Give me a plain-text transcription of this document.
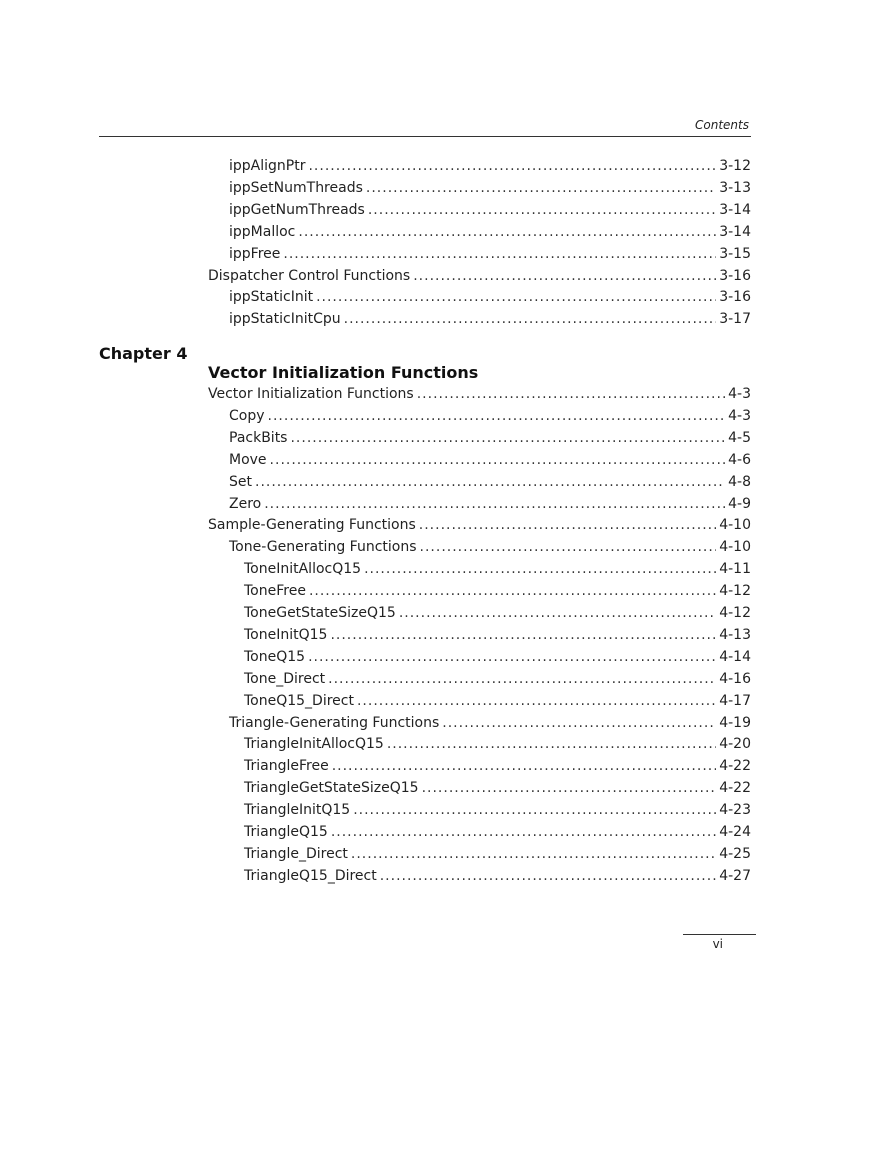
Contents
ippAlignPtr .....	3-12
ippSetNumThreads .....	3-13
ippGetNumThreads .....	3-14
ippMalloc .....	3-14
ippFree .....	3-15
Dispatcher Control Functions .....	3-16
ippStaticInit .....	3-16
ippStaticInitCpu .....	3-17
Vector Initialization Functions .....	4-3
Copy .....	4-3
PackBits .....	4-5
Move .....	4-6
Set .....	4-8
Zero .....	4-9
Sample-Generating Functions .....	4-10
Tone-Generating Functions .....	4-10
ToneInitAllocQ15 .....	4-11
ToneFree .....	4-12
ToneGetStateSizeQ15 .....	4-12
ToneInitQ15 .....	4-13
ToneQ15 .....	4-14
Tone_Direct .....	4-16
ToneQ15_Direct .....	4-17
Triangle-Generating Functions .....	4-19
TriangleInitAllocQ15 .....	4-20
TriangleFree .....	4-22
TriangleGetStateSizeQ15 .....	4-22
TriangleInitQ15 .....	4-23
TriangleQ15 .....	4-24
Triangle_Direct .....	4-25
TriangleQ15_Direct .....	4-27
Chapter 4
Vector Initialization Functions
vi
